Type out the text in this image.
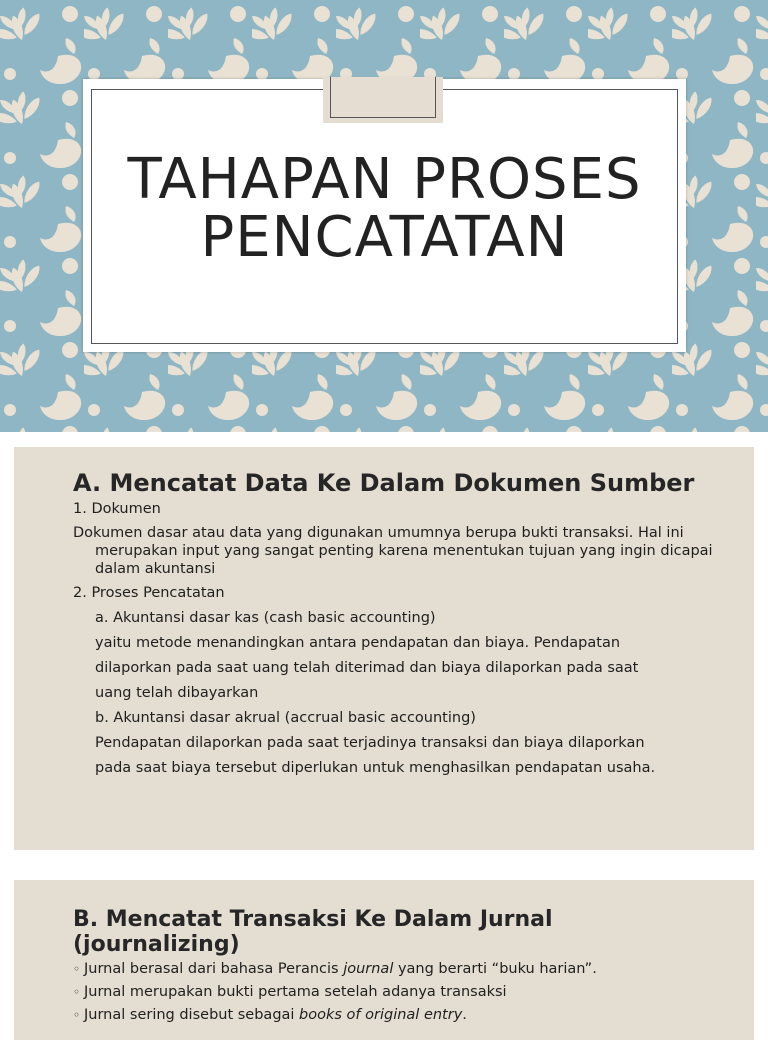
TAHAPAN PROSES
PENCATATAN
A. Mencatat Data Ke Dalam Dokumen Sumber

1. Dokumen

Dokumen dasar atau data yang digunakan umumnya berupa bukti transaksi. Hal ini merupakan input yang sangat penting karena menentukan tujuan yang ingin dicapai dalam akuntansi

2. Proses Pencatatan

a. Akuntansi dasar kas (cash basic accounting)

yaitu metode menandingkan antara pendapatan dan biaya. Pendapatan

dilaporkan pada saat uang telah diterimad dan biaya dilaporkan pada saat

uang telah dibayarkan

b. Akuntansi dasar akrual (accrual basic accounting)

Pendapatan dilaporkan pada saat terjadinya transaksi dan biaya dilaporkan

pada saat biaya tersebut diperlukan untuk menghasilkan pendapatan usaha.

B. Mencatat Transaksi Ke Dalam Jurnal (journalizing)

◦ Jurnal berasal dari bahasa Perancis journal yang berarti “buku harian”.

◦ Jurnal merupakan bukti pertama setelah adanya transaksi

◦ Jurnal sering disebut sebagai books of original entry.
